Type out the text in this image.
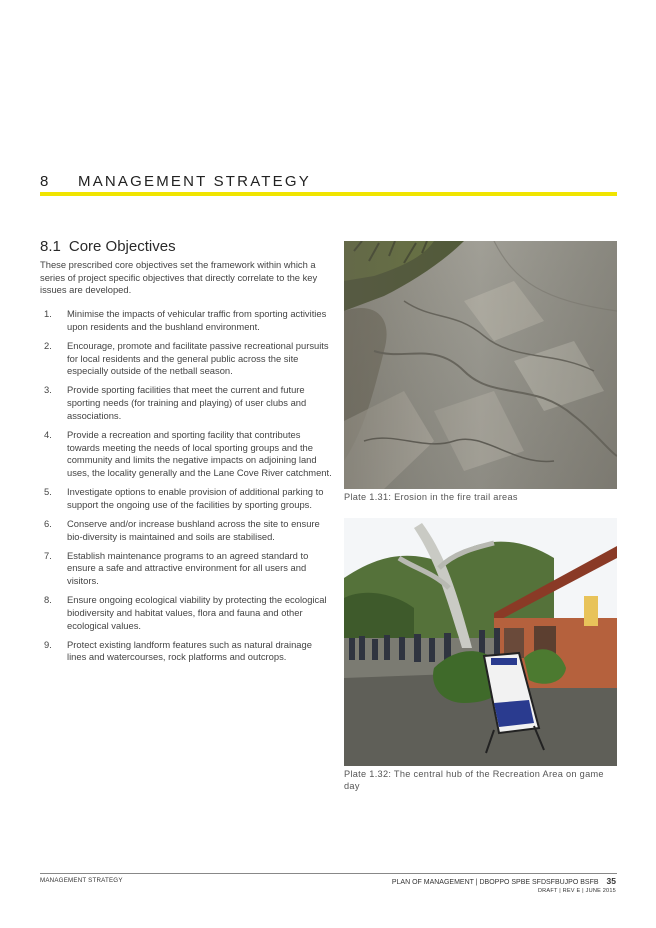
8 MANAGEMENT STRATEGY
8.1 Core Objectives
These prescribed core objectives set the framework within which a series of project specific objectives that directly correlate to the key issues are developed.
1. Minimise the impacts of vehicular traffic from sporting activities upon residents and the bushland environment.
2. Encourage, promote and facilitate passive recreational pursuits for local residents and the general public across the site especially outside of the netball season.
3. Provide sporting facilities that meet the current and future sporting needs (for training and playing) of user clubs and associations.
4. Provide a recreation and sporting facility that contributes towards meeting the needs of local sporting groups and the community and limits the negative impacts on adjoining land uses, the locality generally and the Lane Cove River catchment.
5. Investigate options to enable provision of additional parking to support the ongoing use of the facilities by sporting groups.
6. Conserve and/or increase bushland across the site to ensure bio-diversity is maintained and soils are stabilised.
7. Establish maintenance programs to an agreed standard to ensure a safe and attractive environment for all users and visitors.
8. Ensure ongoing ecological viability by protecting the ecological biodiversity and habitat values, flora and fauna and other ecological values.
9. Protect existing landform features such as natural drainage lines and watercourses, rock platforms and outcrops.
Plate 1.31: Erosion in the fire trail areas
Plate 1.32: The central hub of the Recreation Area on game day
MANAGEMENT STRATEGY	PLAN OF MANAGEMENT | DBOPPO SPBE SFDSFBUJPO BSFB 35
DRAFT | REV E | JUNE 2015
